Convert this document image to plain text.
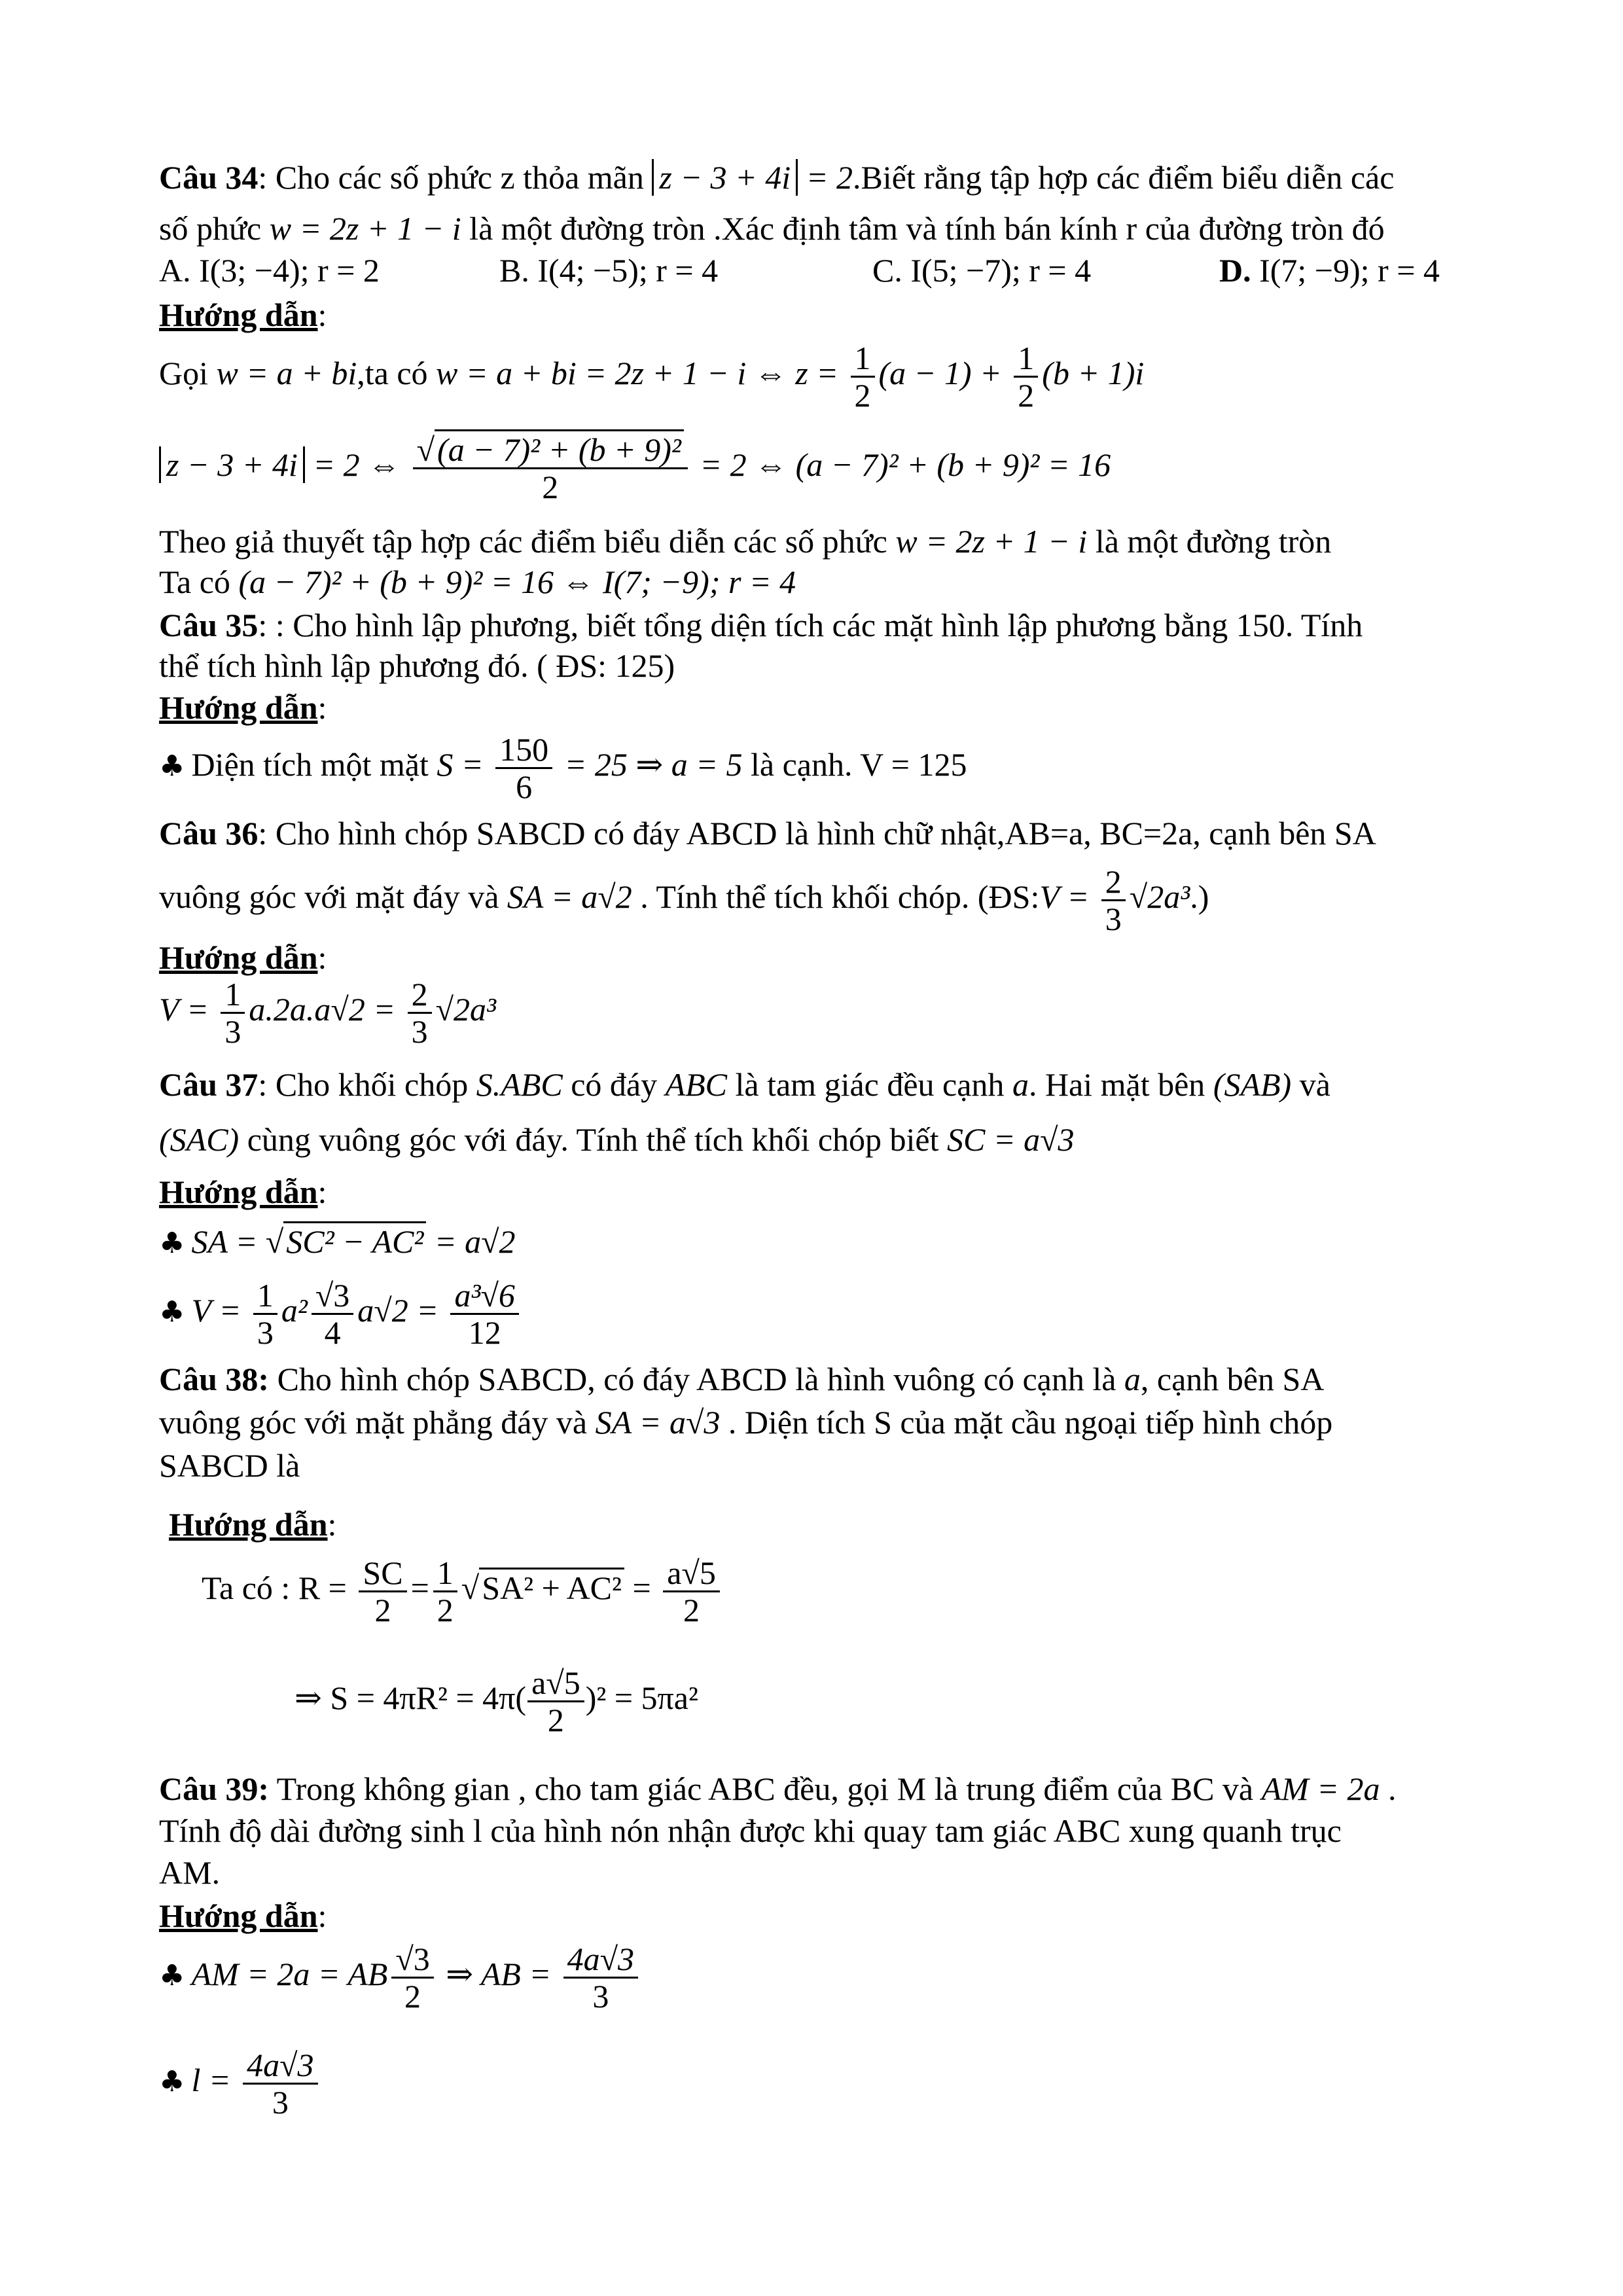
Câu 34: Cho các số phức z thỏa mãn z − 3 + 4i = 2.Biết rằng tập hợp các điểm biểu diễn các
số phức w = 2z + 1 − i là một đường tròn .Xác định tâm và tính bán kính r của đường tròn đó
A. I(3; −4); r = 2	B. I(4; −5); r = 4	C. I(5; −7); r = 4	D. I(7; −9); r = 4
Hướng dẫn:
Gọi w = a + bi,ta có w = a + bi = 2z + 1 − i ⇔ $z = \frac{1}{2} (a - 1) + \frac{1}{2} (b + 1)i$
z − 3 + 4i = 2 ⇔ $\frac{\text{√(a − 7)² + (b + 9)²}}{2} = 2$ ⇔ (a − 7)² + (b + 9)² = 16
Theo giả thuyết tập hợp các điểm biểu diễn các số phức w = 2z + 1 − i là một đường tròn
Ta có (a − 7)² + (b + 9)² = 16 ⇔ I(7; −9); r = 4
Câu 35: : Cho hình lập phương, biết tổng diện tích các mặt hình lập phương bằng 150. Tính
thể tích hình lập phương đó. ( ĐS: 125)
Hướng dẫn:
♣ Diện tích một mặt $S = \frac{150}{6} = 25$ ⇒ a = 5 là cạnh. V = 125
Câu 36: Cho hình chóp SABCD có đáy ABCD là hình chữ nhật,AB=a, BC=2a, cạnh bên SA
vuông góc với mặt đáy và SA = a√2 . Tính thể tích khối chóp. (ĐS:V = $\frac{2}{3} √2a^3$.)
Hướng dẫn:
$V = \frac{1}{3} a.2a.a√2 = \frac{2}{3} √2a^3$
Câu 37: Cho khối chóp S.ABC có đáy ABC là tam giác đều cạnh a. Hai mặt bên (SAB) và
(SAC) cùng vuông góc với đáy. Tính thể tích khối chóp biết SC = a√3
Hướng dẫn:
♣ SA = √SC² − AC² = a√2
♣ $V = \frac{1}{3} a^2 \frac{√3}{4} a√2 = \frac{\text{a³√6}}{12}$
Câu 38: Cho hình chóp SABCD, có đáy ABCD là hình vuông có cạnh là a, cạnh bên SA
vuông góc với mặt phẳng đáy và SA = a√3 . Diện tích S của mặt cầu ngoại tiếp hình chóp
SABCD là
Hướng dẫn:
Ta có : $R = \frac{SC}{2} = \frac{1}{2} √SA^2 + AC^2 = \frac{a√5}{2}$
⇒ $S = 4\pi R^2 = 4\pi( \frac{a√5}{2} )^2 = 5\pi a^2$
Câu 39: Trong không gian , cho tam giác ABC đều, gọi M là trung điểm của BC và AM = 2a .
Tính độ dài đường sinh l của hình nón nhận được khi quay tam giác ABC xung quanh trục
AM.
Hướng dẫn:
♣ AM = 2a = AB $\frac{√3}{2}$ ⇒ AB = $\frac{4a√3}{3}$
♣ $l = \frac{4a√3}{3}$
